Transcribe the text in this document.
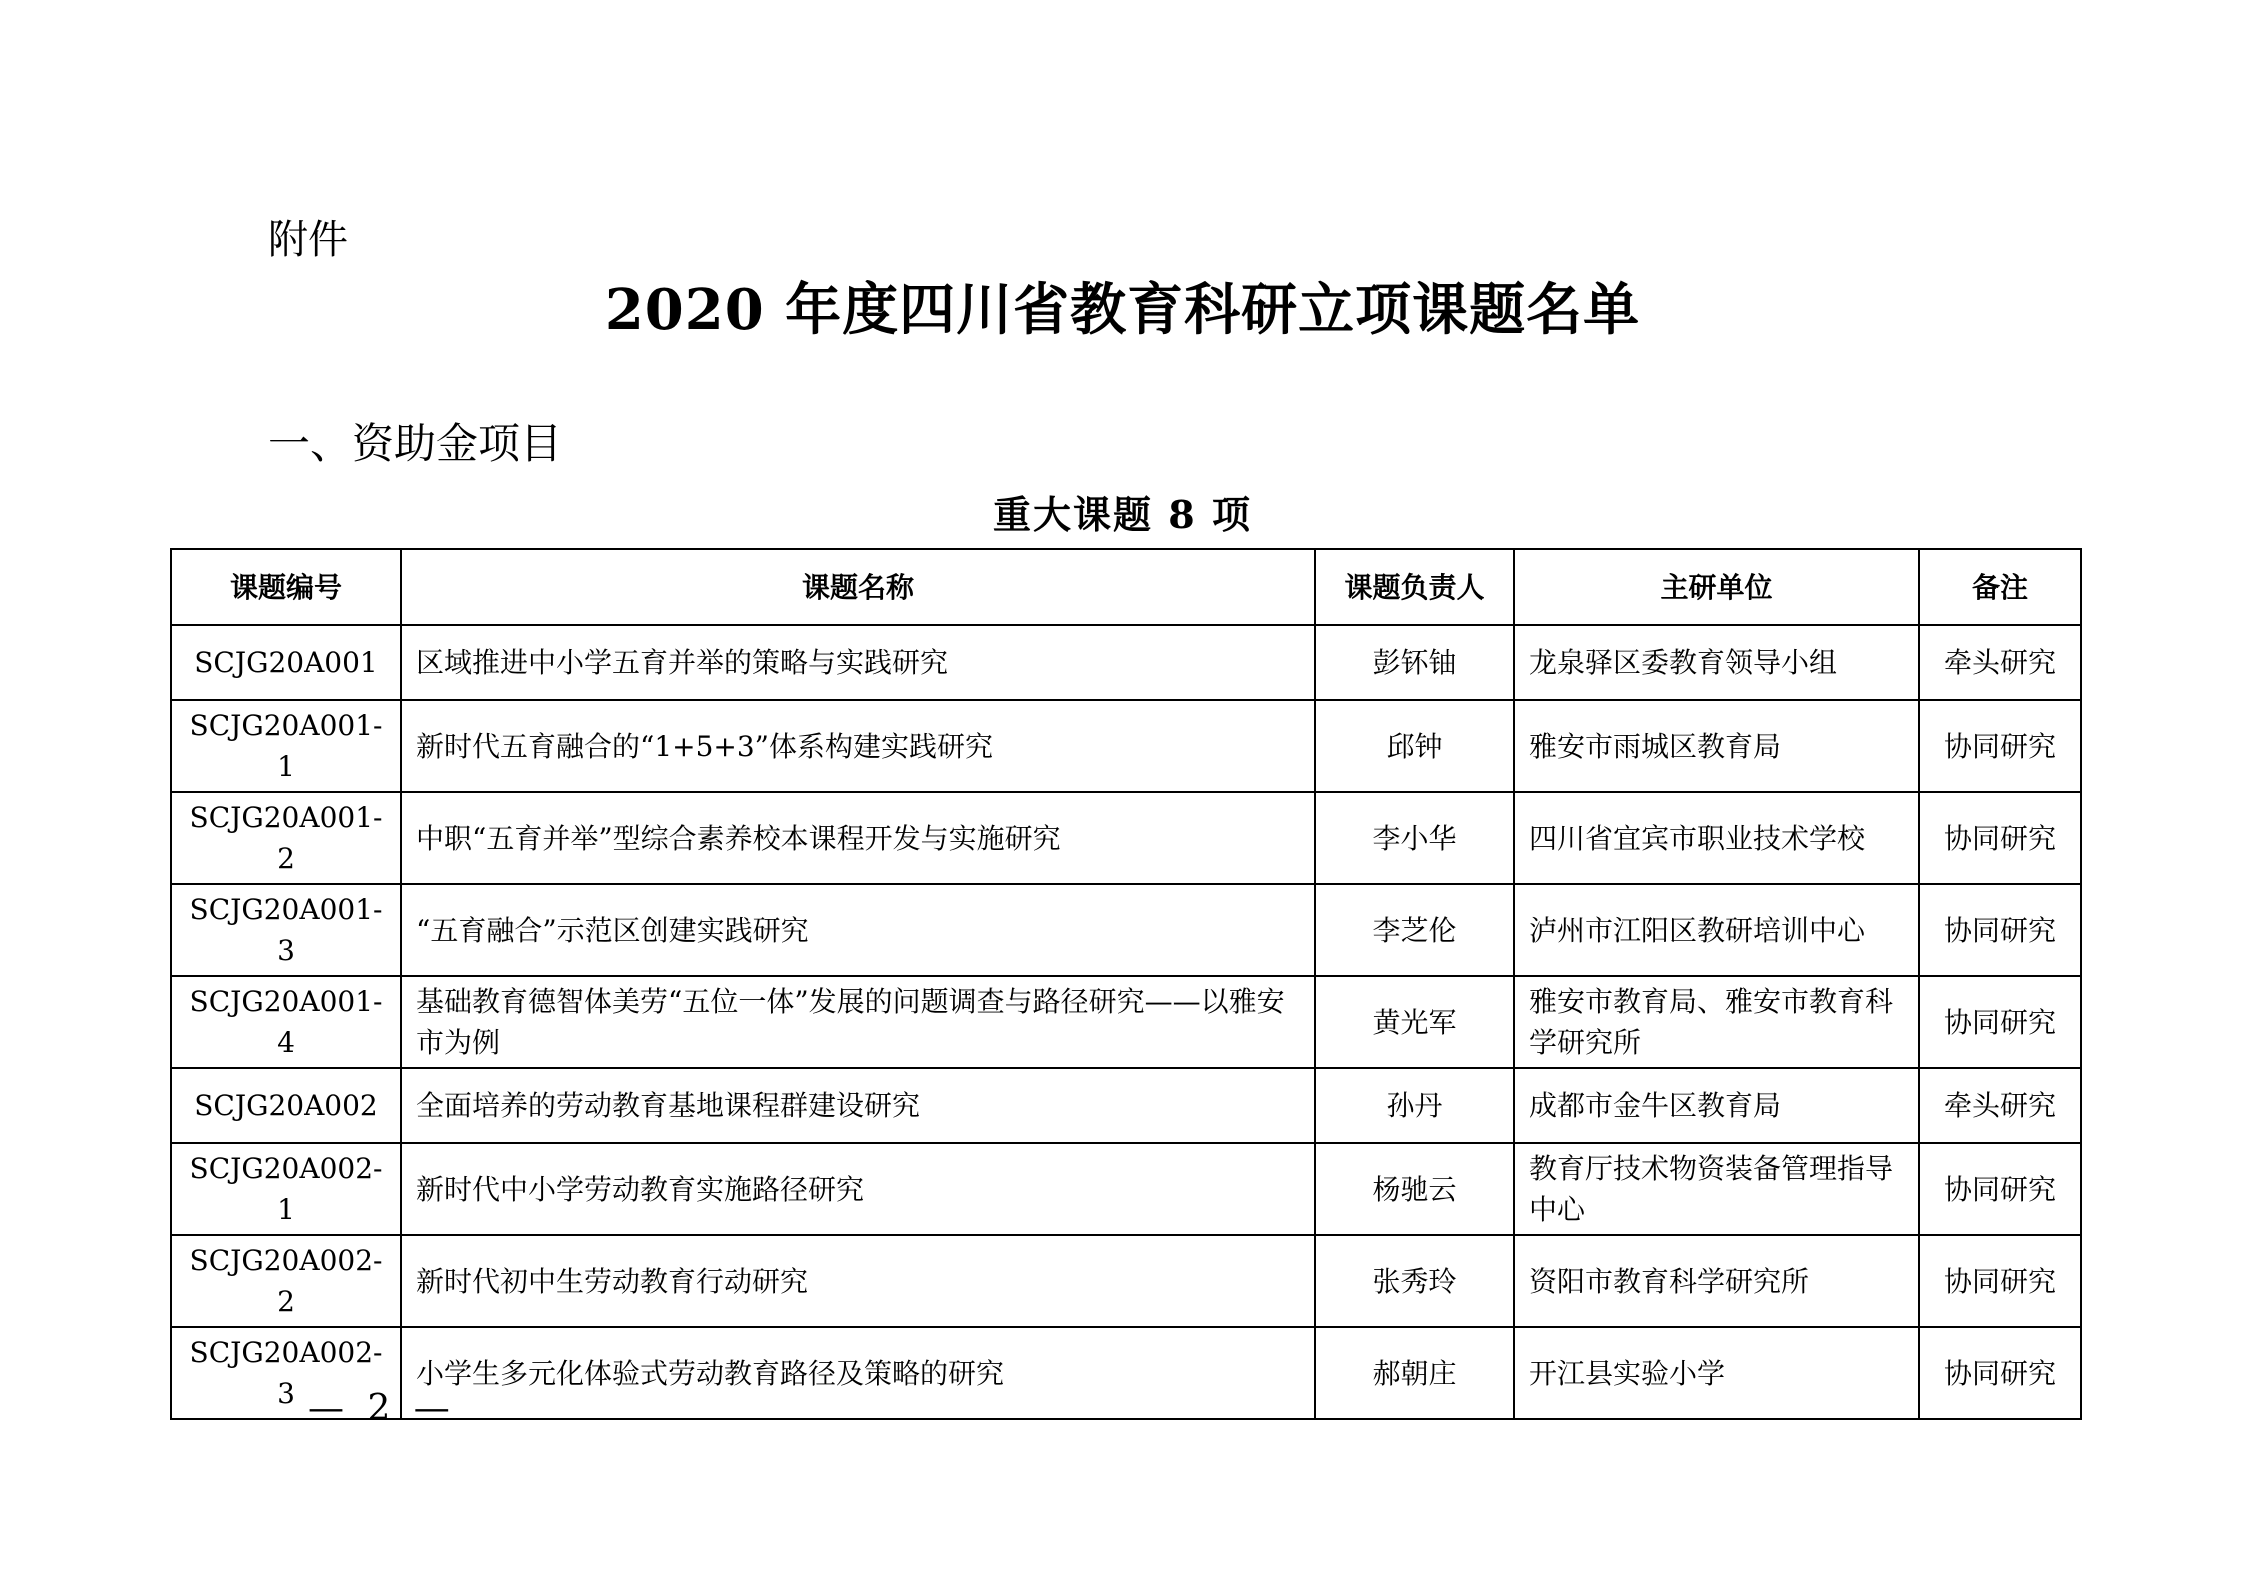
附件
2020 年度四川省教育科研立项课题名单
一、资助金项目
重大课题 8 项
课题编号	课题名称	课题负责人	主研单位	备注
SCJG20A001	区域推进中小学五育并举的策略与实践研究	彭钚铀	龙泉驿区委教育领导小组	牵头研究
SCJG20A001-1	新时代五育融合的“1+5+3”体系构建实践研究	邱钟	雅安市雨城区教育局	协同研究
SCJG20A001-2	中职“五育并举”型综合素养校本课程开发与实施研究	李小华	四川省宜宾市职业技术学校	协同研究
SCJG20A001-3	“五育融合”示范区创建实践研究	李芝伦	泸州市江阳区教研培训中心	协同研究
SCJG20A001-4	基础教育德智体美劳“五位一体”发展的问题调查与路径研究——以雅安市为例	黄光军	雅安市教育局、雅安市教育科学研究所	协同研究
SCJG20A002	全面培养的劳动教育基地课程群建设研究	孙丹	成都市金牛区教育局	牵头研究
SCJG20A002-1	新时代中小学劳动教育实施路径研究	杨驰云	教育厅技术物资装备管理指导中心	协同研究
SCJG20A002-2	新时代初中生劳动教育行动研究	张秀玲	资阳市教育科学研究所	协同研究
SCJG20A002-3	小学生多元化体验式劳动教育路径及策略的研究	郝朝庄	开江县实验小学	协同研究
— 2 —
